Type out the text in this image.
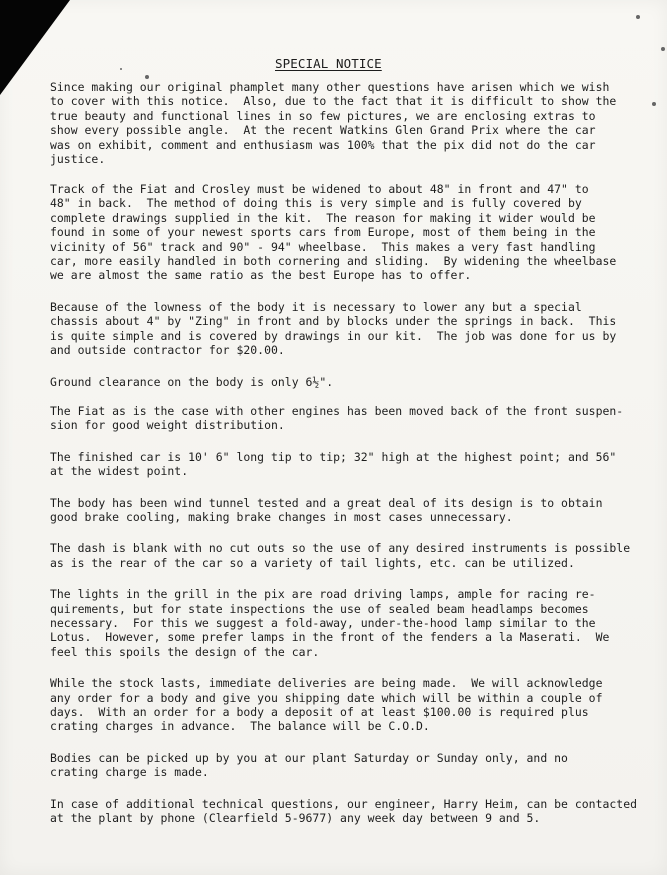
SPECIAL NOTICE
Since making our original phamplet many other questions have arisen which we wish
to cover with this notice.  Also, due to the fact that it is difficult to show the
true beauty and functional lines in so few pictures, we are enclosing extras to
show every possible angle.  At the recent Watkins Glen Grand Prix where the car
was on exhibit, comment and enthusiasm was 100% that the pix did not do the car
justice.
Track of the Fiat and Crosley must be widened to about 48" in front and 47" to
48" in back.  The method of doing this is very simple and is fully covered by
complete drawings supplied in the kit.  The reason for making it wider would be
found in some of your newest sports cars from Europe, most of them being in the
vicinity of 56" track and 90" - 94" wheelbase.  This makes a very fast handling
car, more easily handled in both cornering and sliding.  By widening the wheelbase
we are almost the same ratio as the best Europe has to offer.
Because of the lowness of the body it is necessary to lower any but a special
chassis about 4" by "Zing" in front and by blocks under the springs in back.  This
is quite simple and is covered by drawings in our kit.  The job was done for us by
and outside contractor for $20.00.
Ground clearance on the body is only 6½".
The Fiat as is the case with other engines has been moved back of the front suspen-
sion for good weight distribution.
The finished car is 10' 6" long tip to tip; 32" high at the highest point; and 56"
at the widest point.
The body has been wind tunnel tested and a great deal of its design is to obtain
good brake cooling, making brake changes in most cases unnecessary.
The dash is blank with no cut outs so the use of any desired instruments is possible
as is the rear of the car so a variety of tail lights, etc. can be utilized.
The lights in the grill in the pix are road driving lamps, ample for racing re-
quirements, but for state inspections the use of sealed beam headlamps becomes
necessary.  For this we suggest a fold-away, under-the-hood lamp similar to the
Lotus.  However, some prefer lamps in the front of the fenders a la Maserati.  We
feel this spoils the design of the car.
While the stock lasts, immediate deliveries are being made.  We will acknowledge
any order for a body and give you shipping date which will be within a couple of
days.  With an order for a body a deposit of at least $100.00 is required plus
crating charges in advance.  The balance will be C.O.D.
Bodies can be picked up by you at our plant Saturday or Sunday only, and no
crating charge is made.
In case of additional technical questions, our engineer, Harry Heim, can be contacted
at the plant by phone (Clearfield 5-9677) any week day between 9 and 5.
